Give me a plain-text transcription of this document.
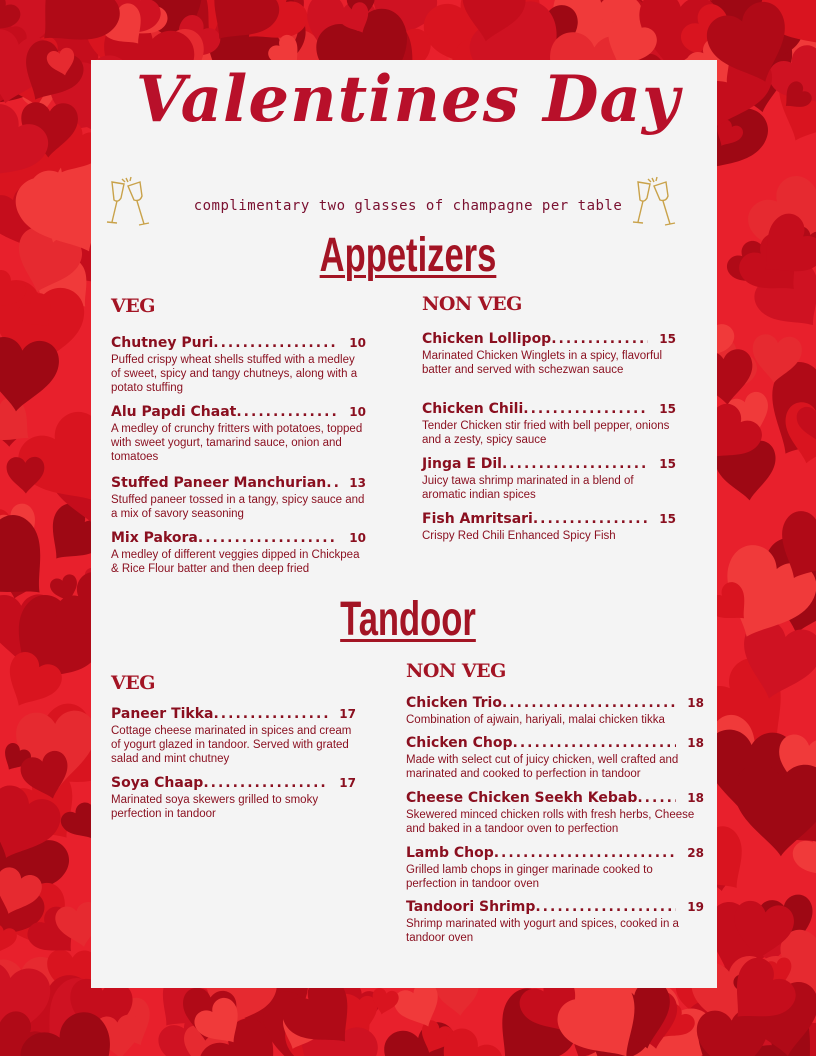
Valentines Day
complimentary two glasses of champagne per table
Appetizers
VEG	NON VEG
Chutney Puri .....	10
Puffed crispy wheat shells stuffed with a medley of sweet, spicy and tangy chutneys, along with a potato stuffing
Alu Papdi Chaat .....	10
A medley of crunchy fritters with potatoes, topped with sweet yogurt, tamarind sauce, onion and tomatoes
Stuffed Paneer Manchurian .....	13
Stuffed paneer tossed in a tangy, spicy sauce and a mix of savory seasoning
Mix Pakora .....	10
A medley of different veggies dipped in Chickpea & Rice Flour batter and then deep fried
Chicken Lollipop .....	15
Marinated Chicken Winglets in a spicy, flavorful batter and served with schezwan sauce
Chicken Chili .....	15
Tender Chicken stir fried with bell pepper, onions and a zesty, spicy sauce
Jinga E Dil .....	15
Juicy tawa shrimp marinated in a blend of aromatic indian spices
Fish Amritsari .....	15
Crispy Red Chili Enhanced Spicy Fish
Tandoor
VEG
NON VEG
Paneer Tikka .....	17
Cottage cheese marinated in spices and cream of yogurt glazed in tandoor. Served with grated salad and mint chutney
Soya Chaap .....	17
Marinated soya skewers grilled to smoky perfection in tandoor
Chicken Trio .....	18
Combination of ajwain, hariyali, malai chicken tikka
Chicken Chop .....	18
Made with select cut of juicy chicken, well crafted and marinated and cooked to perfection in tandoor
Cheese Chicken Seekh Kebab .....	18
Skewered minced chicken rolls with fresh herbs, Cheese and baked in a tandoor oven to perfection
Lamb Chop .....	28
Grilled lamb chops in ginger marinade cooked to perfection in tandoor oven
Tandoori Shrimp .....	19
Shrimp marinated with yogurt and spices, cooked in a tandoor oven
